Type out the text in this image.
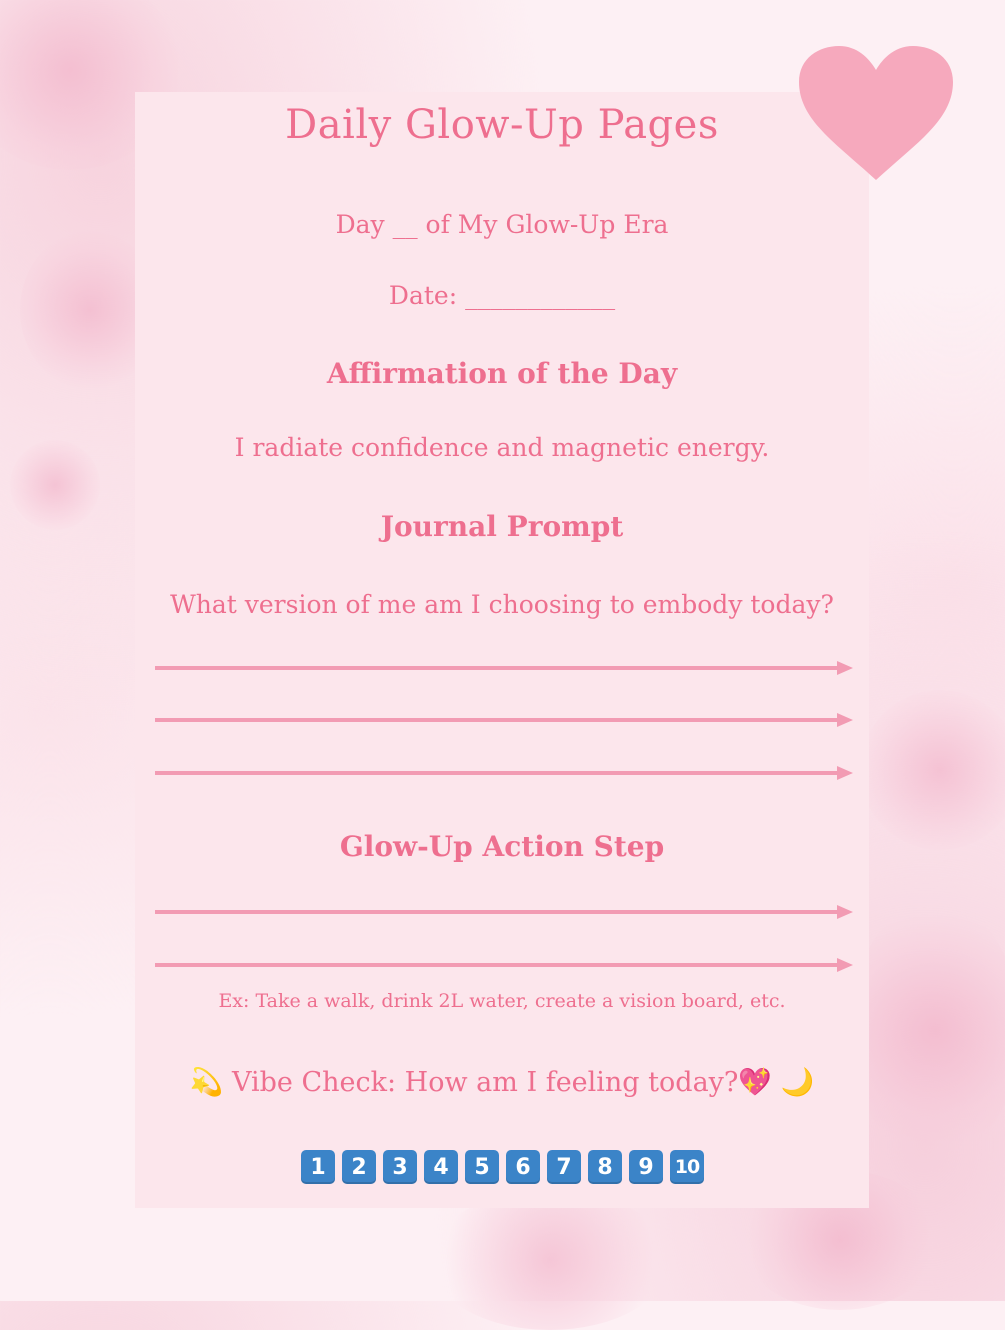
Daily Glow-Up Pages
Day __ of My Glow-Up Era
Date: ____________
Affirmation of the Day
I radiate confidence and magnetic energy.
Journal Prompt
What version of me am I choosing to embody today?
Glow-Up Action Step
Ex: Take a walk, drink 2L water, create a vision board, etc.
💫 Vibe Check: How am I feeling today?💖 🌙
1	2	3	4	5	6	7	8	9	10
